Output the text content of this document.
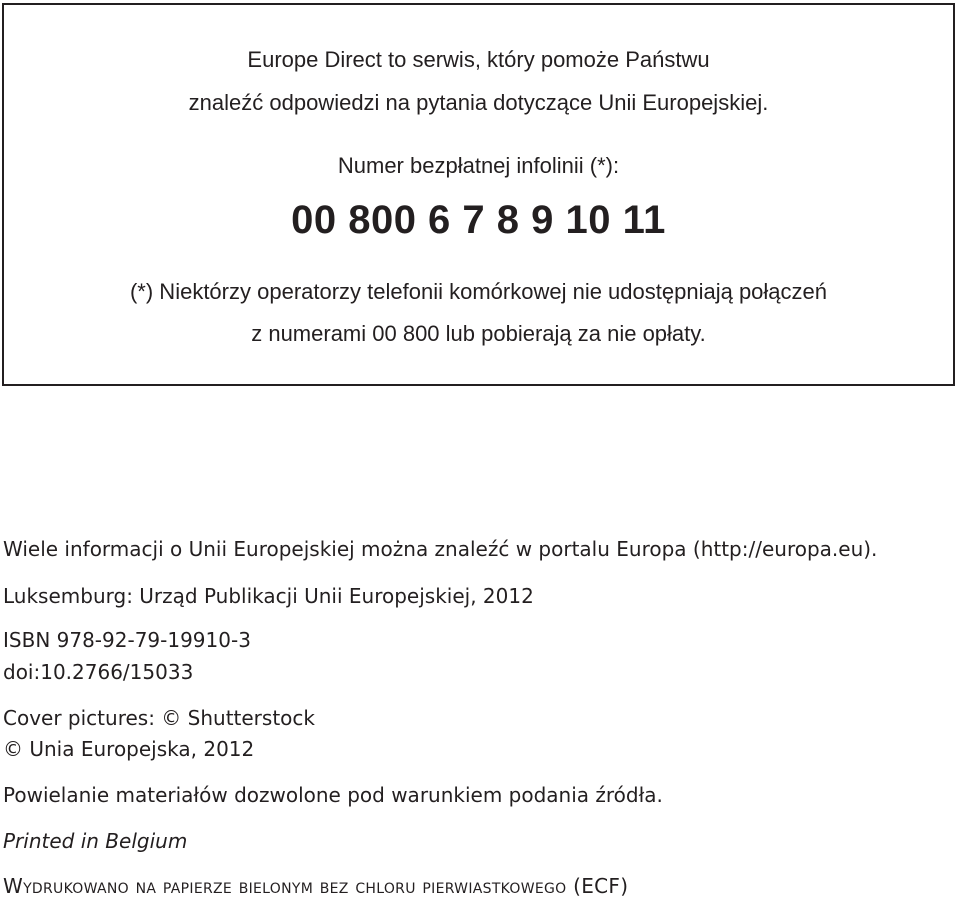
Europe Direct to serwis, który pomoże Państwu
znaleźć odpowiedzi na pytania dotyczące Unii Europejskiej.
Numer bezpłatnej infolinii (*):
00 800 6 7 8 9 10 11
(*) Niektórzy operatorzy telefonii komórkowej nie udostępniają połączeń
z numerami 00 800 lub pobierają za nie opłaty.
Wiele informacji o Unii Europejskiej można znaleźć w portalu Europa (http://europa.eu).
Luksemburg: Urząd Publikacji Unii Europejskiej, 2012
ISBN 978-92-79-19910-3
doi:10.2766/15033
Cover pictures: © Shutterstock
© Unia Europejska, 2012
Powielanie materiałów dozwolone pod warunkiem podania źródła.
Printed in Belgium
Wydrukowano na papierze bielonym bez chloru pierwiastkowego (ECF)
